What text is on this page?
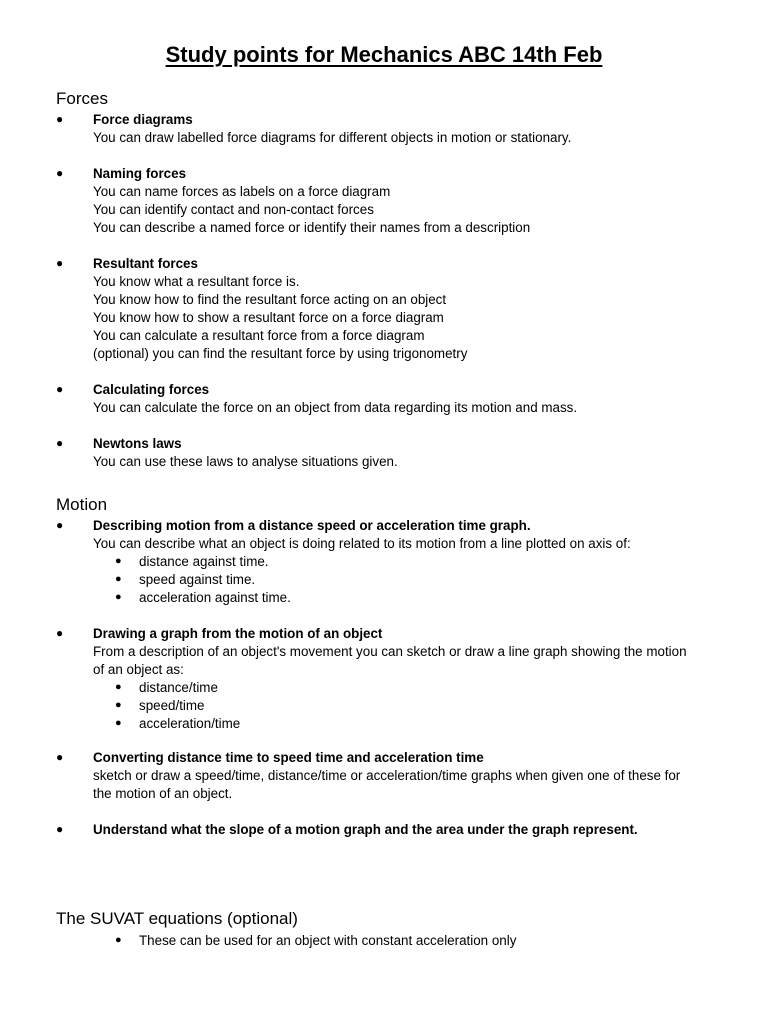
Study points for Mechanics ABC 14th Feb
Forces
● Force diagrams
You can draw labelled force diagrams for different objects in motion or stationary.
● Naming forces
You can name forces as labels on a force diagram
You can identify contact and non-contact forces
You can describe a named force or identify their names from a description
● Resultant forces
You know what a resultant force is.
You know how to find the resultant force acting on an object
You know how to show a resultant force on a force diagram
You can calculate a resultant force from a force diagram
(optional) you can find the resultant force by using trigonometry
● Calculating forces
You can calculate the force on an object from data regarding its motion and mass.
● Newtons laws
You can use these laws to analyse situations given.
Motion
● Describing motion from a distance speed or acceleration time graph.
You can describe what an object is doing related to its motion from a line plotted on axis of:
● distance against time.
● speed against time.
● acceleration against time.
● Drawing a graph from the motion of an object
From a description of an object's movement you can sketch or draw a line graph showing the motion
of an object as:
● distance/time
● speed/time
● acceleration/time
● Converting distance time to speed time and acceleration time
sketch or draw a speed/time, distance/time or acceleration/time graphs when given one of these for
the motion of an object.
● Understand what the slope of a motion graph and the area under the graph represent.
The SUVAT equations (optional)
● These can be used for an object with constant acceleration only
